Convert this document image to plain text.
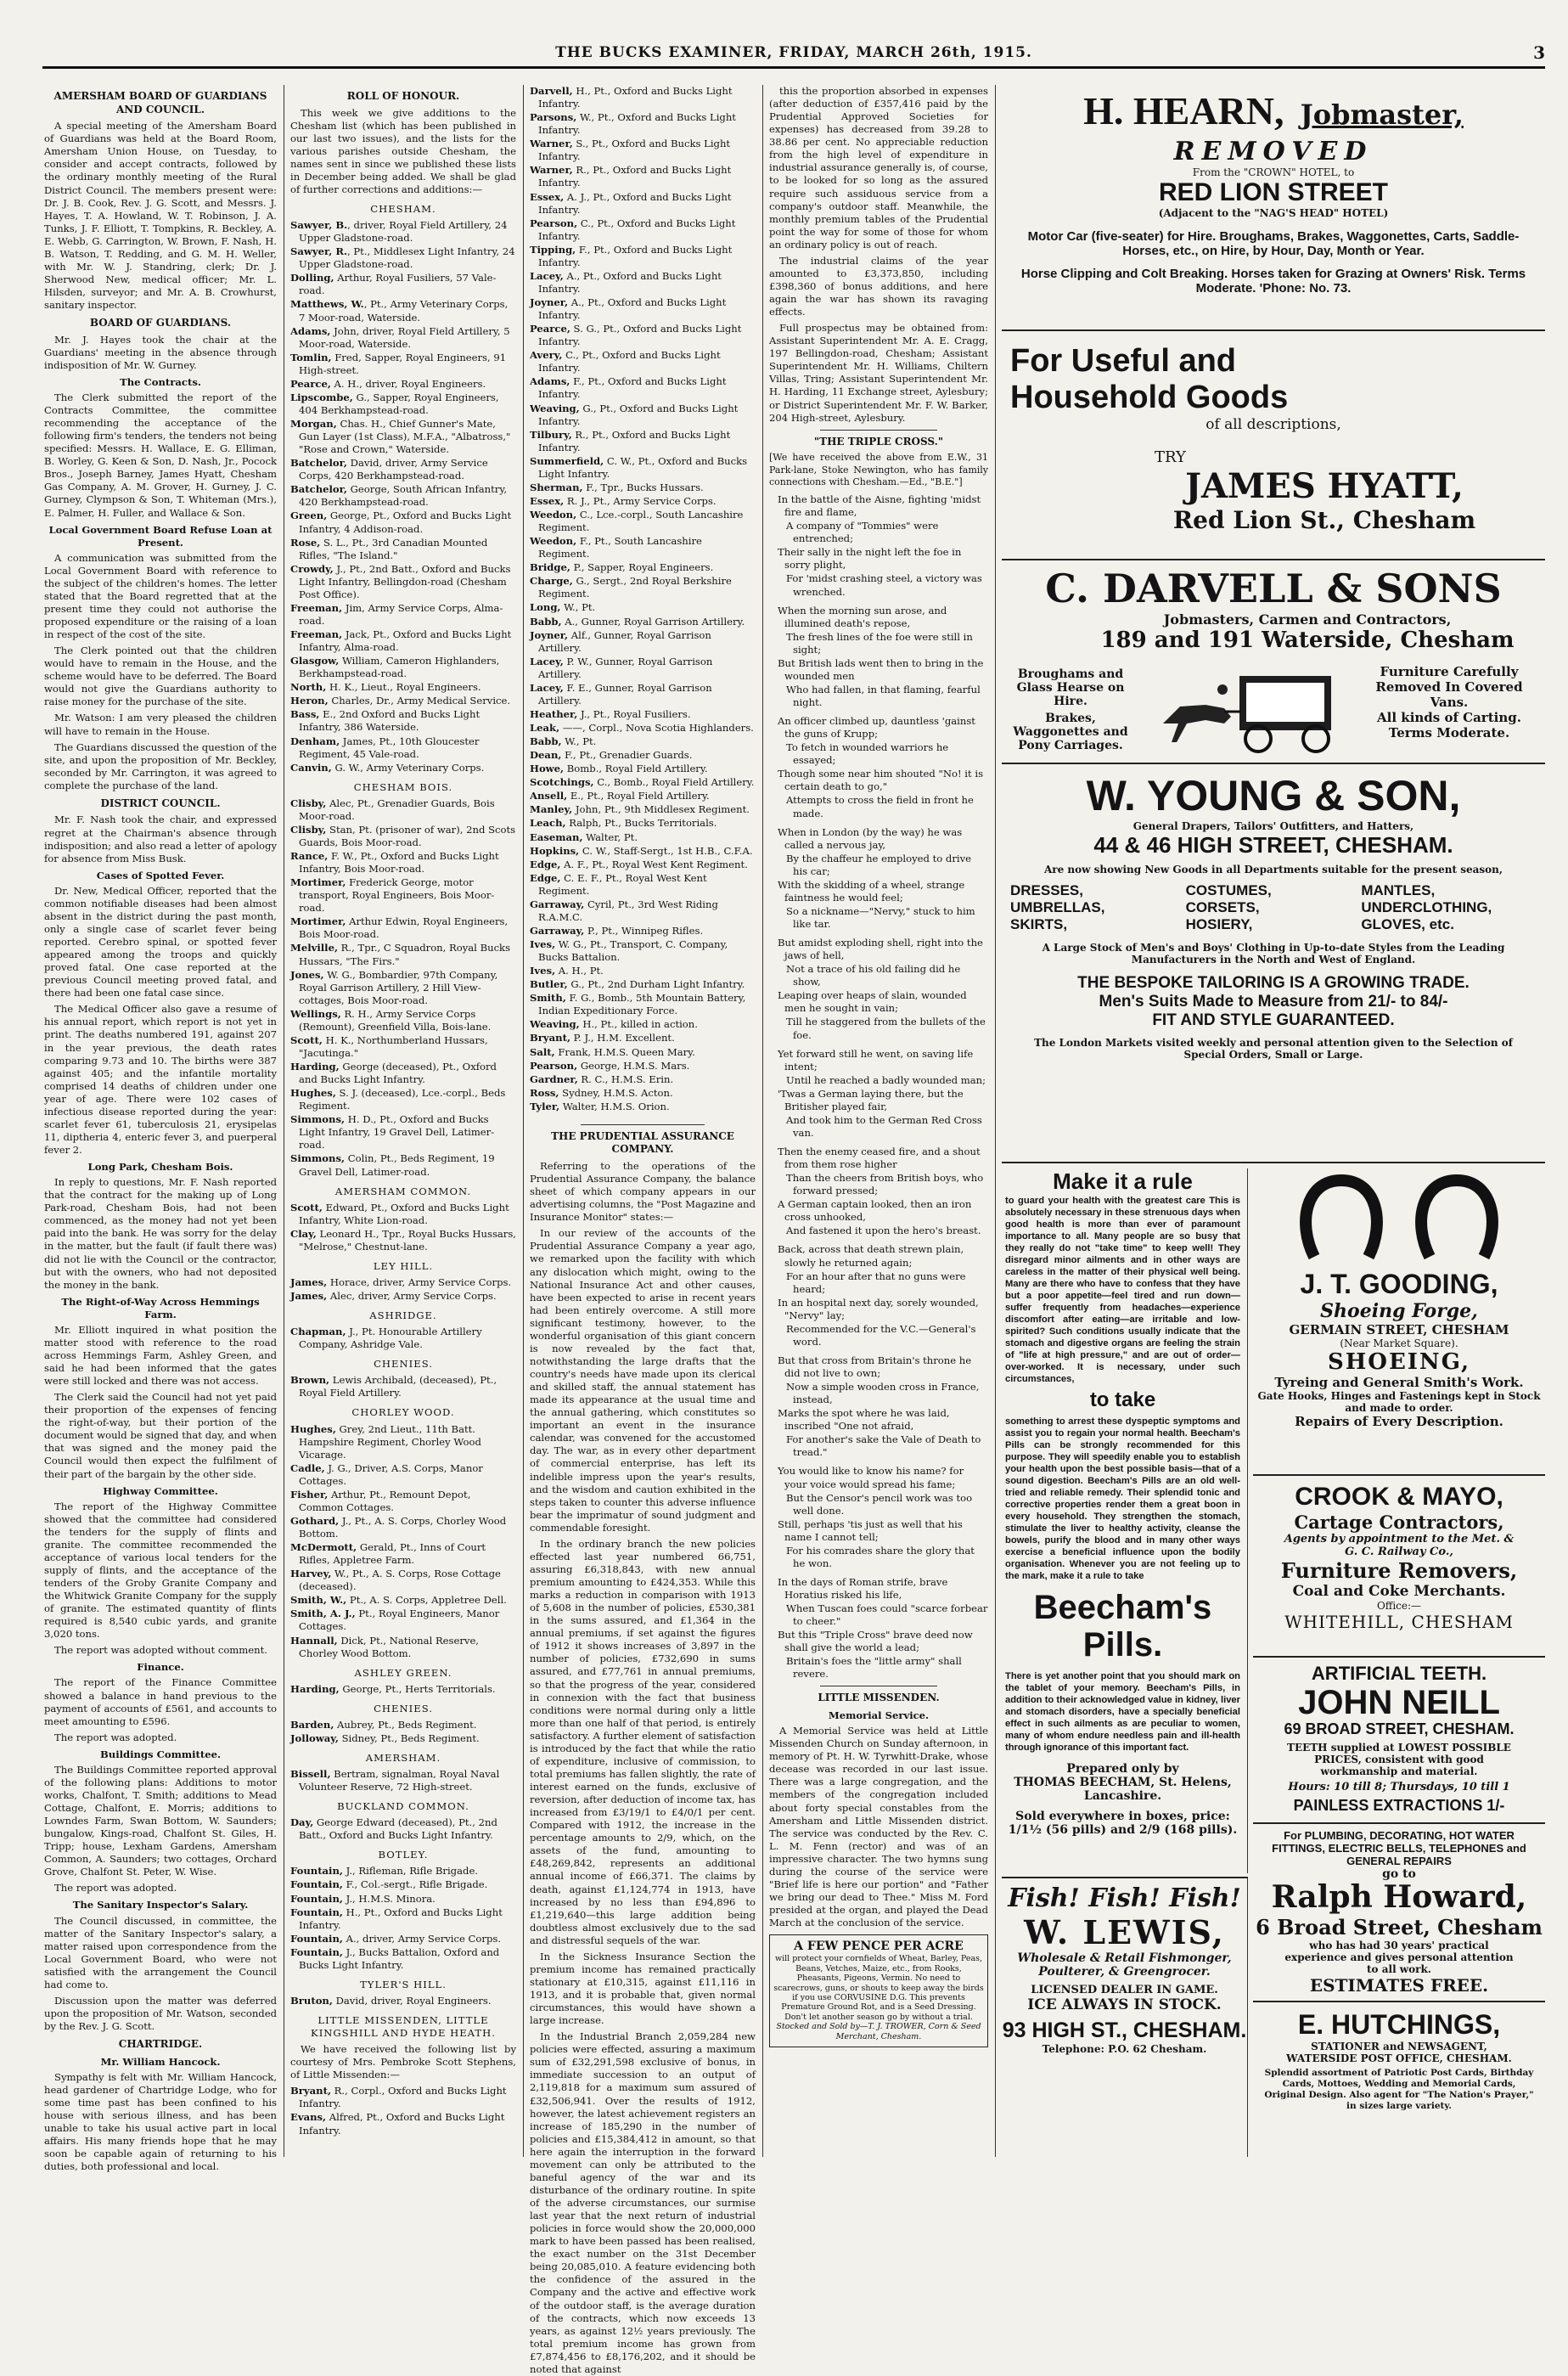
THE BUCKS EXAMINER, FRIDAY, MARCH 26th, 1915.	3
AMERSHAM BOARD OF GUARDIANS AND COUNCIL.

A special meeting of the Amersham Board of Guardians was held at the Board Room, Amersham Union House, on Tuesday, to consider and accept contracts, followed by the ordinary monthly meeting of the Rural District Council. The members present were: Dr. J. B. Cook, Rev. J. G. Scott, and Messrs. J. Hayes, T. A. Howland, W. T. Robinson, J. A. Tunks, J. F. Elliott, T. Tompkins, R. Beckley, A. E. Webb, G. Carrington, W. Brown, F. Nash, H. B. Watson, T. Redding, and G. M. H. Weller, with Mr. W. J. Standring, clerk; Dr. J. Sherwood New, medical officer; Mr. L. Hilsden, surveyor; and Mr. A. B. Crowhurst, sanitary inspector.

BOARD OF GUARDIANS.

Mr. J. Hayes took the chair at the Guardians' meeting in the absence through indisposition of Mr. W. Gurney.

The Contracts.

The Clerk submitted the report of the Contracts Committee, the committee recommending the acceptance of the following firm's tenders, the tenders not being specified: Messrs. H. Wallace, E. G. Elliman, B. Worley, G. Keen & Son, D. Nash, Jr., Pocock Bros., Joseph Barney, James Hyatt, Chesham Gas Company, A. M. Grover, H. Gurney, J. C. Gurney, Clympson & Son, T. Whiteman (Mrs.), E. Palmer, H. Fuller, and Wallace & Son.

Local Government Board Refuse Loan at Present.

A communication was submitted from the Local Government Board with reference to the subject of the children's homes. The letter stated that the Board regretted that at the present time they could not authorise the proposed expenditure or the raising of a loan in respect of the cost of the site.

The Clerk pointed out that the children would have to remain in the House, and the scheme would have to be deferred. The Board would not give the Guardians authority to raise money for the purchase of the site.

Mr. Watson: I am very pleased the children will have to remain in the House.

The Guardians discussed the question of the site, and upon the proposition of Mr. Beckley, seconded by Mr. Carrington, it was agreed to complete the purchase of the land.

DISTRICT COUNCIL.

Mr. F. Nash took the chair, and expressed regret at the Chairman's absence through indisposition; and also read a letter of apology for absence from Miss Busk.

Cases of Spotted Fever.

Dr. New, Medical Officer, reported that the common notifiable diseases had been almost absent in the district during the past month, only a single case of scarlet fever being reported. Cerebro spinal, or spotted fever appeared among the troops and quickly proved fatal. One case reported at the previous Council meeting proved fatal, and there had been one fatal case since.

The Medical Officer also gave a resume of his annual report, which report is not yet in print. The deaths numbered 191, against 207 in the year previous, the death rates comparing 9.73 and 10. The births were 387 against 405; and the infantile mortality comprised 14 deaths of children under one year of age. There were 102 cases of infectious disease reported during the year: scarlet fever 61, tuberculosis 21, erysipelas 11, diptheria 4, enteric fever 3, and puerperal fever 2.

Long Park, Chesham Bois.

In reply to questions, Mr. F. Nash reported that the contract for the making up of Long Park-road, Chesham Bois, had not been commenced, as the money had not yet been paid into the bank. He was sorry for the delay in the matter, but the fault (if fault there was) did not lie with the Council or the contractor, but with the owners, who had not deposited the money in the bank.

The Right-of-Way Across Hemmings Farm.

Mr. Elliott inquired in what position the matter stood with reference to the road across Hemmings Farm, Ashley Green, and said he had been informed that the gates were still locked and there was not access.

The Clerk said the Council had not yet paid their proportion of the expenses of fencing the right-of-way, but their portion of the document would be signed that day, and when that was signed and the money paid the Council would then expect the fulfilment of their part of the bargain by the other side.

Highway Committee.

The report of the Highway Committee showed that the committee had considered the tenders for the supply of flints and granite. The committee recommended the acceptance of various local tenders for the supply of flints, and the acceptance of the tenders of the Groby Granite Company and the Whitwick Granite Company for the supply of granite. The estimated quantity of flints required is 8,540 cubic yards, and granite 3,020 tons.

The report was adopted without comment.

Finance.

The report of the Finance Committee showed a balance in hand previous to the payment of accounts of £561, and accounts to meet amounting to £596.

The report was adopted.

Buildings Committee.

The Buildings Committee reported approval of the following plans: Additions to motor works, Chalfont, T. Smith; additions to Mead Cottage, Chalfont, E. Morris; additions to Lowndes Farm, Swan Bottom, W. Saunders; bungalow, Kings-road, Chalfont St. Giles, H. Tripp; house, Lexham Gardens, Amersham Common, A. Saunders; two cottages, Orchard Grove, Chalfont St. Peter, W. Wise.

The report was adopted.

The Sanitary Inspector's Salary.

The Council discussed, in committee, the matter of the Sanitary Inspector's salary, a matter raised upon correspondence from the Local Government Board, who were not satisfied with the arrangement the Council had come to.

Discussion upon the matter was deferred upon the proposition of Mr. Watson, seconded by the Rev. J. G. Scott.

CHARTRIDGE.
Mr. William Hancock.

Sympathy is felt with Mr. William Hancock, head gardener of Chartridge Lodge, who for some time past has been confined to his house with serious illness, and has been unable to take his usual active part in local affairs. His many friends hope that he may soon be capable again of returning to his duties, both professional and local.

ROLL OF HONOUR.

This week we give additions to the Chesham list (which has been published in our last two issues), and the lists for the various parishes outside Chesham, the names sent in since we published these lists in December being added. We shall be glad of further corrections and additions:—

CHESHAM.
Sawyer, B., driver, Royal Field Artillery, 24 Upper Gladstone-road.
Sawyer, R., Pt., Middlesex Light Infantry, 24 Upper Gladstone-road.
Dolling, Arthur, Royal Fusiliers, 57 Vale-road.
Matthews, W., Pt., Army Veterinary Corps, 7 Moor-road, Waterside.
Adams, John, driver, Royal Field Artillery, 5 Moor-road, Waterside.
Tomlin, Fred, Sapper, Royal Engineers, 91 High-street.
Pearce, A. H., driver, Royal Engineers.
Lipscombe, G., Sapper, Royal Engineers, 404 Berkhampstead-road.
Morgan, Chas. H., Chief Gunner's Mate, Gun Layer (1st Class), M.F.A., "Albatross," "Rose and Crown," Waterside.
Batchelor, David, driver, Army Service Corps, 420 Berkhampstead-road.
Batchelor, George, South African Infantry, 420 Berkhampstead-road.
Green, George, Pt., Oxford and Bucks Light Infantry, 4 Addison-road.
Rose, S. L., Pt., 3rd Canadian Mounted Rifles, "The Island."
Crowdy, J., Pt., 2nd Batt., Oxford and Bucks Light Infantry, Bellingdon-road (Chesham Post Office).
Freeman, Jim, Army Service Corps, Alma-road.
Freeman, Jack, Pt., Oxford and Bucks Light Infantry, Alma-road.
Glasgow, William, Cameron Highlanders, Berkhampstead-road.
North, H. K., Lieut., Royal Engineers.
Heron, Charles, Dr., Army Medical Service.
Bass, E., 2nd Oxford and Bucks Light Infantry, 386 Waterside.
Denham, James, Pt., 10th Gloucester Regiment, 45 Vale-road.
Canvin, G. W., Army Veterinary Corps.
CHESHAM BOIS.
Clisby, Alec, Pt., Grenadier Guards, Bois Moor-road.
Clisby, Stan, Pt. (prisoner of war), 2nd Scots Guards, Bois Moor-road.
Rance, F. W., Pt., Oxford and Bucks Light Infantry, Bois Moor-road.
Mortimer, Frederick George, motor transport, Royal Engineers, Bois Moor-road.
Mortimer, Arthur Edwin, Royal Engineers, Bois Moor-road.
Melville, R., Tpr., C Squadron, Royal Bucks Hussars, "The Firs."
Jones, W. G., Bombardier, 97th Company, Royal Garrison Artillery, 2 Hill View-cottages, Bois Moor-road.
Wellings, R. H., Army Service Corps (Remount), Greenfield Villa, Bois-lane.
Scott, H. K., Northumberland Hussars, "Jacutinga."
Harding, George (deceased), Pt., Oxford and Bucks Light Infantry.
Hughes, S. J. (deceased), Lce.-corpl., Beds Regiment.
Simmons, H. D., Pt., Oxford and Bucks Light Infantry, 19 Gravel Dell, Latimer-road.
Simmons, Colin, Pt., Beds Regiment, 19 Gravel Dell, Latimer-road.
AMERSHAM COMMON.
Scott, Edward, Pt., Oxford and Bucks Light Infantry, White Lion-road.
Clay, Leonard H., Tpr., Royal Bucks Hussars, "Melrose," Chestnut-lane.
LEY HILL.
James, Horace, driver, Army Service Corps.
James, Alec, driver, Army Service Corps.
ASHRIDGE.
Chapman, J., Pt. Honourable Artillery Company, Ashridge Vale.
CHENIES.
Brown, Lewis Archibald, (deceased), Pt., Royal Field Artillery.
CHORLEY WOOD.
Hughes, Grey, 2nd Lieut., 11th Batt. Hampshire Regiment, Chorley Wood Vicarage.
Cadle, J. G., Driver, A.S. Corps, Manor Cottages.
Fisher, Arthur, Pt., Remount Depot, Common Cottages.
Gothard, J., Pt., A. S. Corps, Chorley Wood Bottom.
McDermott, Gerald, Pt., Inns of Court Rifles, Appletree Farm.
Harvey, W., Pt., A. S. Corps, Rose Cottage (deceased).
Smith, W., Pt., A. S. Corps, Appletree Dell.
Smith, A. J., Pt., Royal Engineers, Manor Cottages.
Hannall, Dick, Pt., National Reserve, Chorley Wood Bottom.
ASHLEY GREEN.
Harding, George, Pt., Herts Territorials.
CHENIES.
Barden, Aubrey, Pt., Beds Regiment.
Jolloway, Sidney, Pt., Beds Regiment.
AMERSHAM.
Bissell, Bertram, signalman, Royal Naval Volunteer Reserve, 72 High-street.
BUCKLAND COMMON.
Day, George Edward (deceased), Pt., 2nd Batt., Oxford and Bucks Light Infantry.
BOTLEY.
Fountain, J., Rifleman, Rifle Brigade.
Fountain, F., Col.-sergt., Rifle Brigade.
Fountain, J., H.M.S. Minora.
Fountain, H., Pt., Oxford and Bucks Light Infantry.
Fountain, A., driver, Army Service Corps.
Fountain, J., Bucks Battalion, Oxford and Bucks Light Infantry.
TYLER'S HILL.
Bruton, David, driver, Royal Engineers.
LITTLE MISSENDEN, LITTLE KINGSHILL AND HYDE HEATH.

We have received the following list by courtesy of Mrs. Pembroke Scott Stephens, of Little Missenden:—

Bryant, R., Corpl., Oxford and Bucks Light Infantry.
Evans, Alfred, Pt., Oxford and Bucks Light Infantry.
Darvell, H., Pt., Oxford and Bucks Light Infantry.
Parsons, W., Pt., Oxford and Bucks Light Infantry.
Warner, S., Pt., Oxford and Bucks Light Infantry.
Warner, R., Pt., Oxford and Bucks Light Infantry.
Essex, A. J., Pt., Oxford and Bucks Light Infantry.
Pearson, C., Pt., Oxford and Bucks Light Infantry.
Tipping, F., Pt., Oxford and Bucks Light Infantry.
Lacey, A., Pt., Oxford and Bucks Light Infantry.
Joyner, A., Pt., Oxford and Bucks Light Infantry.
Pearce, S. G., Pt., Oxford and Bucks Light Infantry.
Avery, C., Pt., Oxford and Bucks Light Infantry.
Adams, F., Pt., Oxford and Bucks Light Infantry.
Weaving, G., Pt., Oxford and Bucks Light Infantry.
Tilbury, R., Pt., Oxford and Bucks Light Infantry.
Summerfield, C. W., Pt., Oxford and Bucks Light Infantry.
Sherman, F., Tpr., Bucks Hussars.
Essex, R. J., Pt., Army Service Corps.
Weedon, C., Lce.-corpl., South Lancashire Regiment.
Weedon, F., Pt., South Lancashire Regiment.
Bridge, P., Sapper, Royal Engineers.
Charge, G., Sergt., 2nd Royal Berkshire Regiment.
Long, W., Pt.
Babb, A., Gunner, Royal Garrison Artillery.
Joyner, Alf., Gunner, Royal Garrison Artillery.
Lacey, P. W., Gunner, Royal Garrison Artillery.
Lacey, F. E., Gunner, Royal Garrison Artillery.
Heather, J., Pt., Royal Fusiliers.
Leak, ——, Corpl., Nova Scotia Highlanders.
Babb, W., Pt.
Dean, F., Pt., Grenadier Guards.
Howe, Bomb., Royal Field Artillery.
Scotchings, C., Bomb., Royal Field Artillery.
Ansell, E., Pt., Royal Field Artillery.
Manley, John, Pt., 9th Middlesex Regiment.
Leach, Ralph, Pt., Bucks Territorials.
Easeman, Walter, Pt.
Hopkins, C. W., Staff-Sergt., 1st H.B., C.F.A.
Edge, A. F., Pt., Royal West Kent Regiment.
Edge, C. E. F., Pt., Royal West Kent Regiment.
Garraway, Cyril, Pt., 3rd West Riding R.A.M.C.
Garraway, P., Pt., Winnipeg Rifles.
Ives, W. G., Pt., Transport, C. Company, Bucks Battalion.
Ives, A. H., Pt.
Butler, G., Pt., 2nd Durham Light Infantry.
Smith, F. G., Bomb., 5th Mountain Battery, Indian Expeditionary Force.
Weaving, H., Pt., killed in action.
Bryant, P. J., H.M. Excellent.
Salt, Frank, H.M.S. Queen Mary.
Pearson, George, H.M.S. Mars.
Gardner, R. C., H.M.S. Erin.
Ross, Sydney, H.M.S. Acton.
Tyler, Walter, H.M.S. Orion.
THE PRUDENTIAL ASSURANCE COMPANY.

Referring to the operations of the Prudential Assurance Company, the balance sheet of which company appears in our advertising columns, the "Post Magazine and Insurance Monitor" states:—

In our review of the accounts of the Prudential Assurance Company a year ago, we remarked upon the facility with which any dislocation which might, owing to the National Insurance Act and other causes, have been expected to arise in recent years had been entirely overcome. A still more significant testimony, however, to the wonderful organisation of this giant concern is now revealed by the fact that, notwithstanding the large drafts that the country's needs have made upon its clerical and skilled staff, the annual statement has made its appearance at the usual time and the annual gathering, which constitutes so important an event in the insurance calendar, was convened for the accustomed day. The war, as in every other department of commercial enterprise, has left its indelible impress upon the year's results, and the wisdom and caution exhibited in the steps taken to counter this adverse influence bear the imprimatur of sound judgment and commendable foresight.

In the ordinary branch the new policies effected last year numbered 66,751, assuring £6,318,843, with new annual premium amounting to £424,353. While this marks a reduction in comparison with 1913 of 5,608 in the number of policies, £530,381 in the sums assured, and £1,364 in the annual premiums, if set against the figures of 1912 it shows increases of 3,897 in the number of policies, £732,690 in sums assured, and £77,761 in annual premiums, so that the progress of the year, considered in connexion with the fact that business conditions were normal during only a little more than one half of that period, is entirely satisfactory. A further element of satisfaction is introduced by the fact that while the ratio of expenditure, inclusive of commission, to total premiums has fallen slightly, the rate of interest earned on the funds, exclusive of reversion, after deduction of income tax, has increased from £3/19/1 to £4/0/1 per cent. Compared with 1912, the increase in the percentage amounts to 2/9, which, on the assets of the fund, amounting to £48,269,842, represents an additional annual income of £66,371. The claims by death, against £1,124,774 in 1913, have increased by no less than £94,896 to £1,219,640—this large addition being doubtless almost exclusively due to the sad and distressful sequels of the war.

In the Sickness Insurance Section the premium income has remained practically stationary at £10,315, against £11,116 in 1913, and it is probable that, given normal circumstances, this would have shown a large increase.

In the Industrial Branch 2,059,284 new policies were effected, assuring a maximum sum of £32,291,598 exclusive of bonus, in immediate succession to an output of 2,119,818 for a maximum sum assured of £32,506,941. Over the results of 1912, however, the latest achievement registers an increase of 185,290 in the number of policies and £15,384,412 in amount, so that here again the interruption in the forward movement can only be attributed to the baneful agency of the war and its disturbance of the ordinary routine. In spite of the adverse circumstances, our surmise last year that the next return of industrial policies in force would show the 20,000,000 mark to have been passed has been realised, the exact number on the 31st December being 20,085,010. A feature evidencing both the confidence of the assured in the Company and the active and effective work of the outdoor staff, is the average duration of the contracts, which now exceeds 13 years, as against 12½ years previously. The total premium income has grown from £7,874,456 to £8,176,202, and it should be noted that against

this the proportion absorbed in expenses (after deduction of £357,416 paid by the Prudential Approved Societies for expenses) has decreased from 39.28 to 38.86 per cent. No appreciable reduction from the high level of expenditure in industrial assurance generally is, of course, to be looked for so long as the assured require such assiduous service from a company's outdoor staff. Meanwhile, the monthly premium tables of the Prudential point the way for some of those for whom an ordinary policy is out of reach.

The industrial claims of the year amounted to £3,373,850, including £398,360 of bonus additions, and here again the war has shown its ravaging effects.

Full prospectus may be obtained from: Assistant Superintendent Mr. A. E. Cragg, 197 Bellingdon-road, Chesham; Assistant Superintendent Mr. H. Williams, Chiltern Villas, Tring; Assistant Superintendent Mr. H. Harding, 11 Exchange street, Aylesbury; or District Superintendent Mr. F. W. Barker, 204 High-street, Aylesbury.

"THE TRIPLE CROSS."
[We have received the above from E.W., 31 Park-lane, Stoke Newington, who has family connections with Chesham.—Ed., "B.E."]
In the battle of the Aisne, fighting 'midst fire and flame,
A company of "Tommies" were entrenched;
Their sally in the night left the foe in sorry plight,
For 'midst crashing steel, a victory was wrenched.
When the morning sun arose, and illumined death's repose,
The fresh lines of the foe were still in sight;
But British lads went then to bring in the wounded men
Who had fallen, in that flaming, fearful night.
An officer climbed up, dauntless 'gainst the guns of Krupp;
To fetch in wounded warriors he essayed;
Though some near him shouted "No! it is certain death to go,"
Attempts to cross the field in front he made.
When in London (by the way) he was called a nervous jay,
By the chaffeur he employed to drive his car;
With the skidding of a wheel, strange faintness he would feel;
So a nickname—"Nervy," stuck to him like tar.
But amidst exploding shell, right into the jaws of hell,
Not a trace of his old failing did he show,
Leaping over heaps of slain, wounded men he sought in vain;
Till he staggered from the bullets of the foe.
Yet forward still he went, on saving life intent;
Until he reached a badly wounded man;
'Twas a German laying there, but the Britisher played fair,
And took him to the German Red Cross van.
Then the enemy ceased fire, and a shout from them rose higher
Than the cheers from British boys, who forward pressed;
A German captain looked, then an iron cross unhooked,
And fastened it upon the hero's breast.
Back, across that death strewn plain, slowly he returned again;
For an hour after that no guns were heard;
In an hospital next day, sorely wounded, "Nervy" lay;
Recommended for the V.C.—General's word.
But that cross from Britain's throne he did not live to own;
Now a simple wooden cross in France, instead,
Marks the spot where he was laid, inscribed "One not afraid,
For another's sake the Vale of Death to tread."
You would like to know his name? for your voice would spread his fame;
But the Censor's pencil work was too well done.
Still, perhaps 'tis just as well that his name I cannot tell;
For his comrades share the glory that he won.
In the days of Roman strife, brave Horatius risked his life,
When Tuscan foes could "scarce forbear to cheer."
But this "Triple Cross" brave deed now shall give the world a lead;
Britain's foes the "little army" shall revere.
LITTLE MISSENDEN.
Memorial Service.

A Memorial Service was held at Little Missenden Church on Sunday afternoon, in memory of Pt. H. W. Tyrwhitt-Drake, whose decease was recorded in our last issue. There was a large congregation, and the members of the congregation included about forty special constables from the Amersham and Little Missenden district. The service was conducted by the Rev. C. L. M. Fenn (rector) and was of an impressive character. The two hymns sung during the course of the service were "Brief life is here our portion" and "Father we bring our dead to Thee." Miss M. Ford presided at the organ, and played the Dead March at the conclusion of the service.

A FEW PENCE PER ACRE
will protect your cornfields of Wheat, Barley, Peas, Beans, Vetches, Maize, etc., from Rooks, Pheasants, Pigeons, Vermin. No need to scarecrows, guns, or shouts to keep away the birds if you use CORVUSINE D.G. This prevents Premature Ground Rot, and is a Seed Dressing. Don't let another season go by without a trial.
Stocked and Sold by—T. J. TROWER, Corn & Seed Merchant, Chesham.
H. HEARN, Jobmaster,
REMOVED
From the "CROWN" HOTEL, to
RED LION STREET
(Adjacent to the "NAG'S HEAD" HOTEL)
Motor Car (five-seater) for Hire. Broughams, Brakes, Waggonettes, Carts, Saddle-Horses, etc., on Hire, by Hour, Day, Month or Year.
Horse Clipping and Colt Breaking. Horses taken for Grazing at Owners' Risk. Terms Moderate. 'Phone: No. 73.
For Useful and
Household Goods
of all descriptions,
TRY
JAMES HYATT,
Red Lion St., Chesham
C. DARVELL & SONS
Jobmasters, Carmen and Contractors,
189 and 191 Waterside, Chesham
Broughams and Glass Hearse on Hire.
Brakes, Waggonettes and Pony Carriages.
Furniture Carefully Removed In Covered Vans.
All kinds of Carting.
Terms Moderate.
W. YOUNG & SON,
General Drapers, Tailors' Outfitters, and Hatters,
44 & 46 HIGH STREET, CHESHAM.
Are now showing New Goods in all Departments suitable for the present season,
DRESSES,	COSTUMES,	MANTLES,
UMBRELLAS,	CORSETS,	UNDERCLOTHING,
SKIRTS,	HOSIERY,	GLOVES, etc.
A Large Stock of Men's and Boys' Clothing in Up-to-date Styles from the Leading Manufacturers in the North and West of England.
THE BESPOKE TAILORING IS A GROWING TRADE.
Men's Suits Made to Measure from 21/- to 84/-
FIT AND STYLE GUARANTEED.
The London Markets visited weekly and personal attention given to the Selection of Special Orders, Small or Large.
Make it a rule
to guard your health with the greatest care This is absolutely necessary in these strenuous days when good health is more than ever of paramount importance to all. Many people are so busy that they really do not "take time" to keep well! They disregard minor ailments and in other ways are careless in the matter of their physical well being. Many are there who have to confess that they have but a poor appetite—feel tired and run down—suffer frequently from headaches—experience discomfort after eating—are irritable and low-spirited? Such conditions usually indicate that the stomach and digestive organs are feeling the strain of "life at high pressure," and are out of order—over-worked. It is necessary, under such circumstances,
to take
something to arrest these dyspeptic symptoms and assist you to regain your normal health. Beecham's Pills can be strongly recommended for this purpose. They will speedily enable you to establish your health upon the best possible basis—that of a sound digestion. Beecham's Pills are an old well-tried and reliable remedy. Their splendid tonic and corrective properties render them a great boon in every household. They strengthen the stomach, stimulate the liver to healthy activity, cleanse the bowels, purify the blood and in many other ways exercise a beneficial influence upon the bodily organisation. Whenever you are not feeling up to the mark, make it a rule to take
Beecham's Pills.
There is yet another point that you should mark on the tablet of your memory. Beecham's Pills, in addition to their acknowledged value in kidney, liver and stomach disorders, have a specially beneficial effect in such ailments as are peculiar to women, many of whom endure needless pain and ill-health through ignorance of this important fact.
Prepared only by
THOMAS BEECHAM, St. Helens, Lancashire.
Sold everywhere in boxes, price:
1/1½ (56 pills) and 2/9 (168 pills).
Fish! Fish! Fish!
W. LEWIS,
Wholesale & Retail Fishmonger,
Poulterer, & Greengrocer.
LICENSED DEALER IN GAME.
ICE ALWAYS IN STOCK.
93 HIGH ST., CHESHAM.
Telephone: P.O. 62 Chesham.
J. T. GOODING,
Shoeing Forge,
GERMAIN STREET, CHESHAM
(Near Market Square).
SHOEING,
Tyreing and General Smith's Work.
Gate Hooks, Hinges and Fastenings kept in Stock and made to order.
Repairs of Every Description.
CROOK & MAYO,
Cartage Contractors,
Agents by appointment to the Met. & G. C. Railway Co.,
Furniture Removers,
Coal and Coke Merchants.
Office:—
WHITEHILL, CHESHAM
ARTIFICIAL TEETH.
JOHN NEILL
69 BROAD STREET, CHESHAM.
TEETH supplied at LOWEST POSSIBLE PRICES, consistent with good workmanship and material.
Hours: 10 till 8; Thursdays, 10 till 1
PAINLESS EXTRACTIONS 1/-
For PLUMBING, DECORATING, HOT WATER FITTINGS, ELECTRIC BELLS, TELEPHONES and GENERAL REPAIRS
go to
Ralph Howard,
6 Broad Street, Chesham
who has had 30 years' practical experience and gives personal attention to all work.
ESTIMATES FREE.
E. HUTCHINGS,
STATIONER and NEWSAGENT,
WATERSIDE POST OFFICE, CHESHAM.
Splendid assortment of Patriotic Post Cards, Birthday Cards, Mottoes, Wedding and Memorial Cards, Original Design. Also agent for "The Nation's Prayer," in sizes large variety.
